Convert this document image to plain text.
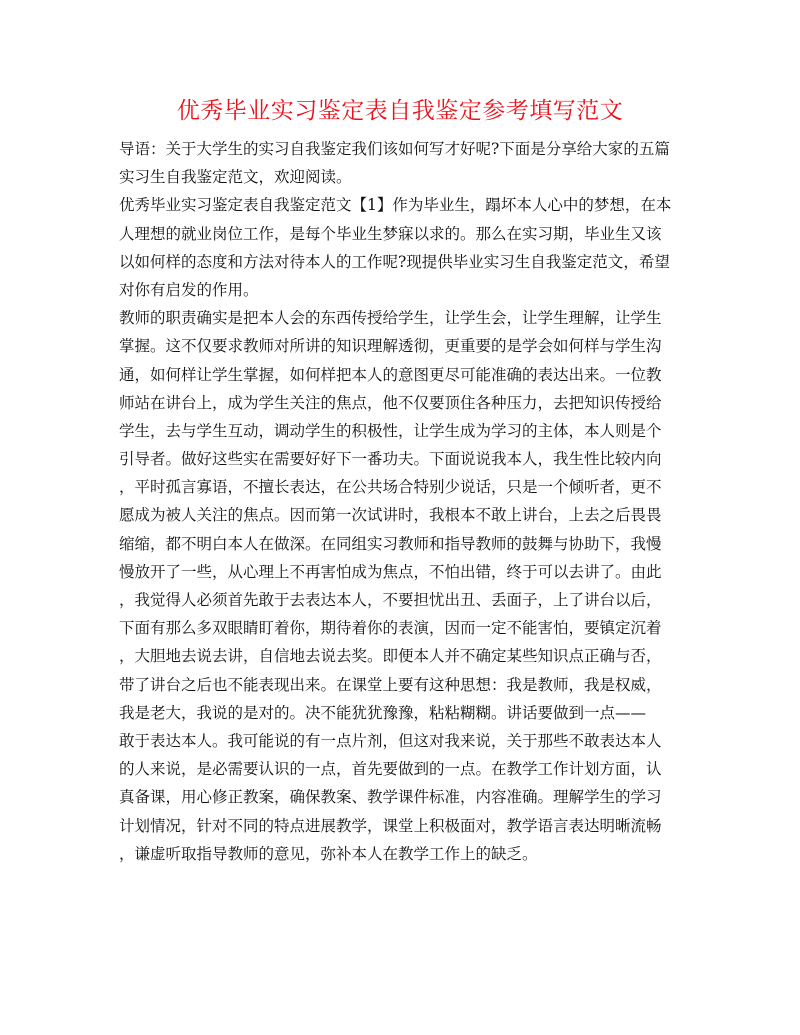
优秀毕业实习鉴定表自我鉴定参考填写范文
导语：关于大学生的实习自我鉴定我们该如何写才好呢?下面是分享给大家的五篇
实习生自我鉴定范文，欢迎阅读。
优秀毕业实习鉴定表自我鉴定范文【1】作为毕业生，蹋坏本人心中的梦想，在本
人理想的就业岗位工作，是每个毕业生梦寐以求的。那么在实习期，毕业生又该
以如何样的态度和方法对待本人的工作呢?现提供毕业实习生自我鉴定范文，希望
对你有启发的作用。
教师的职责确实是把本人会的东西传授给学生，让学生会，让学生理解，让学生
掌握。这不仅要求教师对所讲的知识理解透彻，更重要的是学会如何样与学生沟
通，如何样让学生掌握，如何样把本人的意图更尽可能准确的表达出来。一位教
师站在讲台上，成为学生关注的焦点，他不仅要顶住各种压力，去把知识传授给
学生，去与学生互动，调动学生的积极性，让学生成为学习的主体，本人则是个
引导者。做好这些实在需要好好下一番功夫。下面说说我本人，我生性比较内向
，平时孤言寡语，不擅长表达，在公共场合特别少说话，只是一个倾听者，更不
愿成为被人关注的焦点。因而第一次试讲时，我根本不敢上讲台，上去之后畏畏
缩缩，都不明白本人在做深。在同组实习教师和指导教师的鼓舞与协助下，我慢
慢放开了一些，从心理上不再害怕成为焦点，不怕出错，终于可以去讲了。由此
，我觉得人必须首先敢于去表达本人，不要担忧出丑、丢面子，上了讲台以后，
下面有那么多双眼睛盯着你，期待着你的表演，因而一定不能害怕，要镇定沉着
，大胆地去说去讲，自信地去说去奖。即便本人并不确定某些知识点正确与否，
带了讲台之后也不能表现出来。在课堂上要有这种思想：我是教师，我是权威，
我是老大，我说的是对的。决不能犹犹豫豫，粘粘糊糊。讲话要做到一点——
敢于表达本人。我可能说的有一点片剂，但这对我来说，关于那些不敢表达本人
的人来说，是必需要认识的一点，首先要做到的一点。在教学工作计划方面，认
真备课，用心修正教案，确保教案、教学课件标准，内容准确。理解学生的学习
计划情况，针对不同的特点进展教学，课堂上积极面对，教学语言表达明晰流畅
，谦虚听取指导教师的意见，弥补本人在教学工作上的缺乏。
